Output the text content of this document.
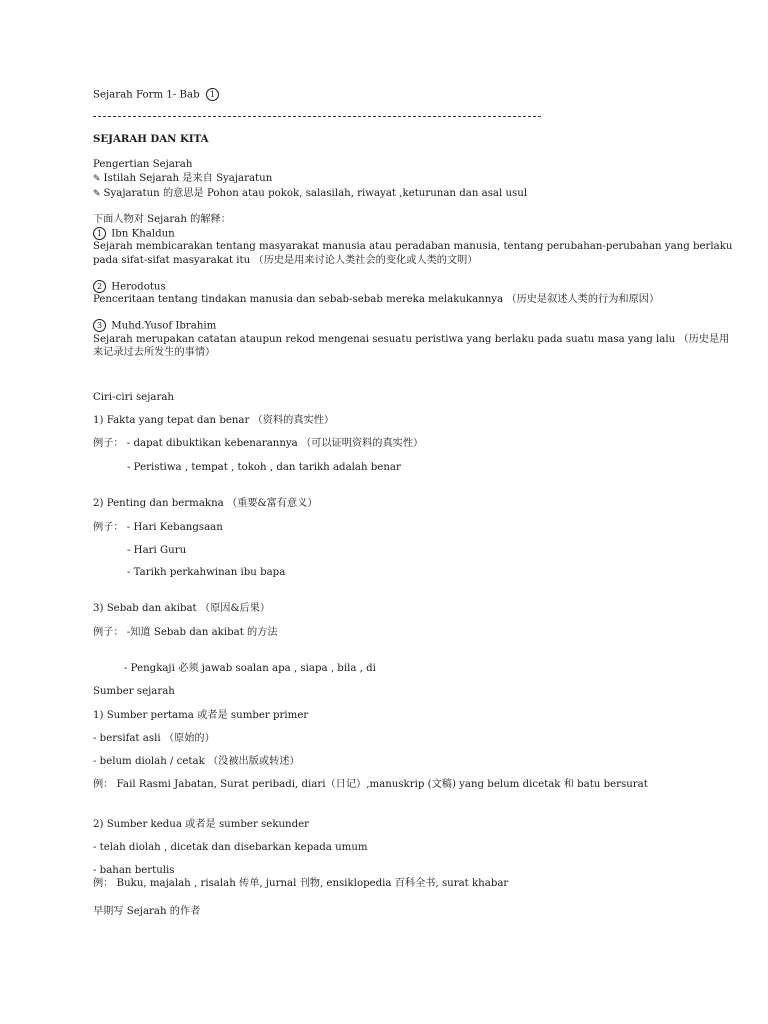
Sejarah Form 1- Bab 1
SEJARAH DAN KITA
Pengertian Sejarah
✎ Istilah Sejarah 是来自 Syajaratun
✎ Syajaratun 的意思是 Pohon atau pokok, salasilah, riwayat ,keturunan dan asal usul
下面人物对 Sejarah 的解释：
1 Ibn Khaldun
Sejarah membicarakan tentang masyarakat manusia atau peradaban manusia, tentang perubahan-perubahan yang berlaku
pada sifat-sifat masyarakat itu （历史是用来讨论人类社会的变化或人类的文明）
2 Herodotus
Penceritaan tentang tindakan manusia dan sebab-sebab mereka melakukannya （历史是叙述人类的行为和原因）
3 Muhd.Yusof Ibrahim
Sejarah merupakan catatan ataupun rekod mengenai sesuatu peristiwa yang berlaku pada suatu masa yang lalu （历史是用
来记录过去所发生的事情）
Ciri-ciri sejarah
1) Fakta yang tepat dan benar （资料的真实性）
例子： - dapat dibuktikan kebenarannya （可以证明资料的真实性）
- Peristiwa , tempat , tokoh , dan tarikh adalah benar
2) Penting dan bermakna （重要&富有意义）
例子： - Hari Kebangsaan
- Hari Guru
- Tarikh perkahwinan ibu bapa
3) Sebab dan akibat （原因&后果）
例子： -知道 Sebab dan akibat 的方法
- Pengkaji 必须 jawab soalan apa , siapa , bila , di
Sumber sejarah
1) Sumber pertama 或者是 sumber primer
- bersifat asli （原始的）
- belum diolah / cetak （没被出版或转述）
例： Fail Rasmi Jabatan, Surat peribadi, diari（日记）,manuskrip (文稿) yang belum dicetak 和 batu bersurat
2) Sumber kedua 或者是 sumber sekunder
- telah diolah , dicetak dan disebarkan kepada umum
- bahan bertulis
例： Buku, majalah , risalah 传单, jurnal 刊物, ensiklopedia 百科全书, surat khabar
早期写 Sejarah 的作者
